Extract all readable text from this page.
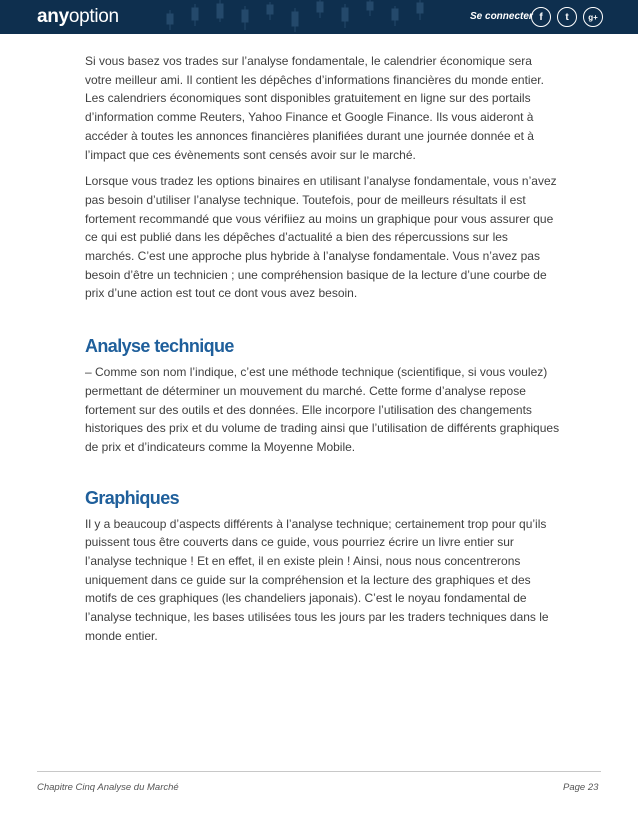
anyoption	Se connecter f	t	g+

Si vous basez vos trades sur l’analyse fondamentale, le calendrier économique sera votre meilleur ami. Il contient les dépêches d’informations financières du monde entier. Les calendriers économiques sont disponibles gratuitement en ligne sur des portails d’information comme Reuters, Yahoo Finance et Google Finance. Ils vous aideront à accéder à toutes les annonces financières planifiées durant une journée donnée et à l’impact que ces évènements sont censés avoir sur le marché.

Lorsque vous tradez les options binaires en utilisant l’analyse fondamentale, vous n’avez pas besoin d’utiliser l’analyse technique. Toutefois, pour de meilleurs résultats il est fortement recommandé que vous vérifiiez au moins un graphique pour vous assurer que ce qui est publié dans les dépêches d’actualité a bien des répercussions sur les marchés. C’est une approche plus hybride à l’analyse fondamentale. Vous n’avez pas besoin d’être un technicien ; une compréhension basique de la lecture d’une courbe de prix d’une action est tout ce dont vous avez besoin.

Analyse technique

– Comme son nom l’indique, c’est une méthode technique (scientifique, si vous voulez) permettant de déterminer un mouvement du marché. Cette forme d’analyse repose fortement sur des outils et des données. Elle incorpore l’utilisation des changements historiques des prix et du volume de trading ainsi que l’utilisation de différents graphiques de prix et d’indicateurs comme la Moyenne Mobile.

Graphiques

Il y a beaucoup d’aspects différents à l’analyse technique; certainement trop pour qu’ils puissent tous être couverts dans ce guide, vous pourriez écrire un livre entier sur l’analyse technique ! Et en effet, il en existe plein ! Ainsi, nous nous concentrerons uniquement dans ce guide sur la compréhension et la lecture des graphiques et des motifs de ces graphiques (les chandeliers japonais). C’est le noyau fondamental de l’analyse technique, les bases utilisées tous les jours par les traders techniques dans le monde entier.

Chapitre Cinq Analyse du Marché	Page 23
